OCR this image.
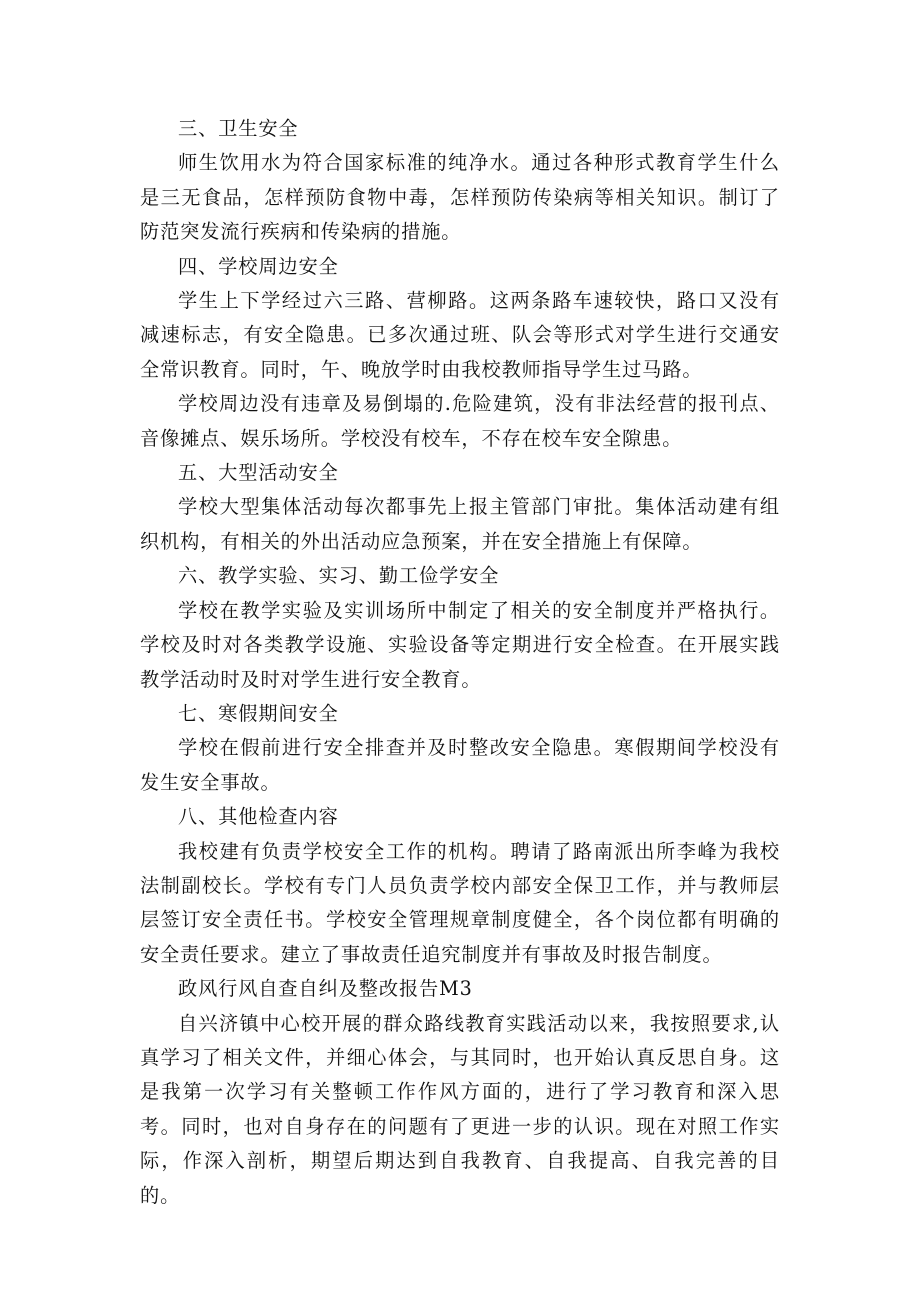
三、卫生安全

师生饮用水为符合国家标准的纯净水。通过各种形式教育学生什么是三无食品，怎样预防食物中毒，怎样预防传染病等相关知识。制订了防范突发流行疾病和传染病的措施。

四、学校周边安全

学生上下学经过六三路、营柳路。这两条路车速较快，路口又没有减速标志，有安全隐患。已多次通过班、队会等形式对学生进行交通安全常识教育。同时，午、晚放学时由我校教师指导学生过马路。

学校周边没有违章及易倒塌的.危险建筑，没有非法经营的报刊点、音像摊点、娱乐场所。学校没有校车，不存在校车安全隙患。

五、大型活动安全

学校大型集体活动每次都事先上报主管部门审批。集体活动建有组织机构，有相关的外出活动应急预案，并在安全措施上有保障。

六、教学实验、实习、勤工俭学安全

学校在教学实验及实训场所中制定了相关的安全制度并严格执行。学校及时对各类教学设施、实验设备等定期进行安全检查。在开展实践教学活动时及时对学生进行安全教育。

七、寒假期间安全

学校在假前进行安全排查并及时整改安全隐患。寒假期间学校没有发生安全事故。

八、其他检查内容

我校建有负责学校安全工作的机构。聘请了路南派出所李峰为我校法制副校长。学校有专门人员负责学校内部安全保卫工作，并与教师层层签订安全责任书。学校安全管理规章制度健全，各个岗位都有明确的安全责任要求。建立了事故责任追究制度并有事故及时报告制度。

政风行风自查自纠及整改报告M3

自兴济镇中心校开展的群众路线教育实践活动以来，我按照要求,认真学习了相关文件，并细心体会，与其同时，也开始认真反思自身。这是我第一次学习有关整顿工作作风方面的，进行了学习教育和深入思考。同时，也对自身存在的问题有了更进一步的认识。现在对照工作实际，作深入剖析，期望后期达到自我教育、自我提高、自我完善的目的。
